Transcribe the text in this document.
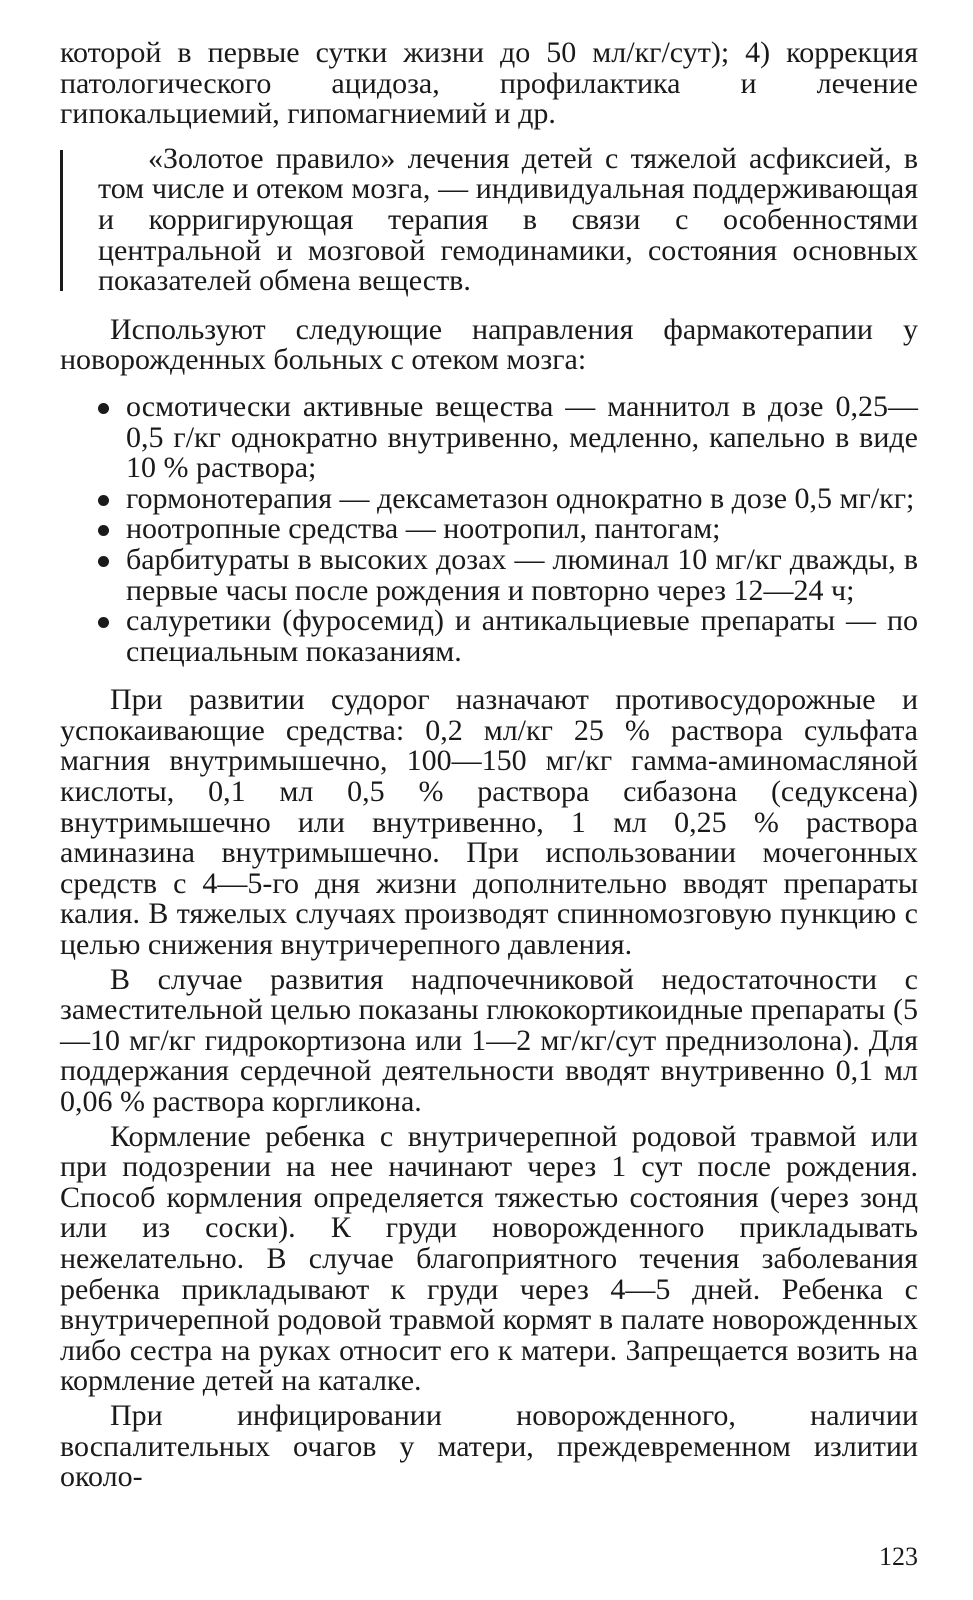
которой в первые сутки жизни до 50 мл/кг/сут); 4) коррекция патологического ацидоза, профилактика и лечение гипокальциемий, гипомагниемий и др.

«Золотое правило» лечения детей с тяжелой асфиксией, в том числе и отеком мозга, — индивидуальная поддерживающая и корригирующая терапия в связи с особенностями центральной и мозговой гемодинамики, состояния основных показателей обмена веществ.

Используют следующие направления фармакотерапии у новорожденных больных с отеком мозга:

осмотически активные вещества — маннитол в дозе 0,25—0,5 г/кг однократно внутривенно, медленно, капельно в виде 10 % раствора;
гормонотерапия — дексаметазон однократно в дозе 0,5 мг/кг;
ноотропные средства — ноотропил, пантогам;
барбитураты в высоких дозах — люминал 10 мг/кг дважды, в первые часы после рождения и повторно через 12—24 ч;
салуретики (фуросемид) и антикальциевые препараты — по специальным показаниям.

При развитии судорог назначают противосудорожные и успокаивающие средства: 0,2 мл/кг 25 % раствора сульфата магния внутримышечно, 100—150 мг/кг гамма-аминомасляной кислоты, 0,1 мл 0,5 % раствора сибазона (седуксена) внутримышечно или внутривенно, 1 мл 0,25 % раствора аминазина внутримышечно. При использовании мочегонных средств с 4—5-го дня жизни дополнительно вводят препараты калия. В тяжелых случаях производят спинномозговую пункцию с целью снижения внутричерепного давления.

В случае развития надпочечниковой недостаточности с заместительной целью показаны глюкокортикоидные препараты (5—10 мг/кг гидрокортизона или 1—2 мг/кг/сут преднизолона). Для поддержания сердечной деятельности вводят внутривенно 0,1 мл 0,06 % раствора коргликона.

Кормление ребенка с внутричерепной родовой травмой или при подозрении на нее начинают через 1 сут после рождения. Способ кормления определяется тяжестью состояния (через зонд или из соски). К груди новорожденного прикладывать нежелательно. В случае благоприятного течения заболевания ребенка прикладывают к груди через 4—5 дней. Ребенка с внутричерепной родовой травмой кормят в палате новорожденных либо сестра на руках относит его к матери. Запрещается возить на кормление детей на каталке.

При инфицировании новорожденного, наличии воспалительных очагов у матери, преждевременном излитии около-

123
